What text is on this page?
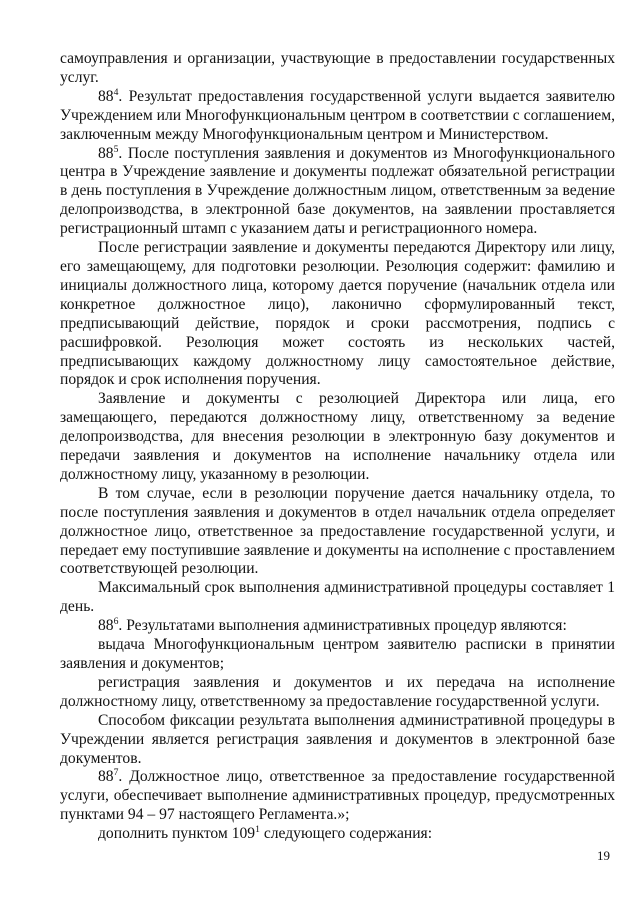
самоуправления и организации, участвующие в предоставлении государственных услуг.

$88^4$. Результат предоставления государственной услуги выдается заявителю Учреждением или Многофункциональным центром в соответствии с соглашением, заключенным между Многофункциональным центром и Министерством.

$88^5$. После поступления заявления и документов из Многофункционального центра в Учреждение заявление и документы подлежат обязательной регистрации в день поступления в Учреждение должностным лицом, ответственным за ведение делопроизводства, в электронной базе документов, на заявлении проставляется регистрационный штамп с указанием даты и регистрационного номера.

После регистрации заявление и документы передаются Директору или лицу, его замещающему, для подготовки резолюции. Резолюция содержит: фамилию и инициалы должностного лица, которому дается поручение (начальник отдела или конкретное должностное лицо), лаконично сформулированный текст, предписывающий действие, порядок и сроки рассмотрения, подпись с расшифровкой. Резолюция может состоять из нескольких частей, предписывающих каждому должностному лицу самостоятельное действие, порядок и срок исполнения поручения.

Заявление и документы с резолюцией Директора или лица, его замещающего, передаются должностному лицу, ответственному за ведение делопроизводства, для внесения резолюции в электронную базу документов и передачи заявления и документов на исполнение начальнику отдела или должностному лицу, указанному в резолюции.

В том случае, если в резолюции поручение дается начальнику отдела, то после поступления заявления и документов в отдел начальник отдела определяет должностное лицо, ответственное за предоставление государственной услуги, и передает ему поступившие заявление и документы на исполнение с проставлением соответствующей резолюции.

Максимальный срок выполнения административной процедуры составляет 1 день.

$88^6$. Результатами выполнения административных процедур являются:

выдача Многофункциональным центром заявителю расписки в принятии заявления и документов;

регистрация заявления и документов и их передача на исполнение должностному лицу, ответственному за предоставление государственной услуги.

Способом фиксации результата выполнения административной процедуры в Учреждении является регистрация заявления и документов в электронной базе документов.

$88^7$. Должностное лицо, ответственное за предоставление государственной услуги, обеспечивает выполнение административных процедур, предусмотренных пунктами 94 – 97 настоящего Регламента.»;

дополнить пунктом $109^1$ следующего содержания:

19
